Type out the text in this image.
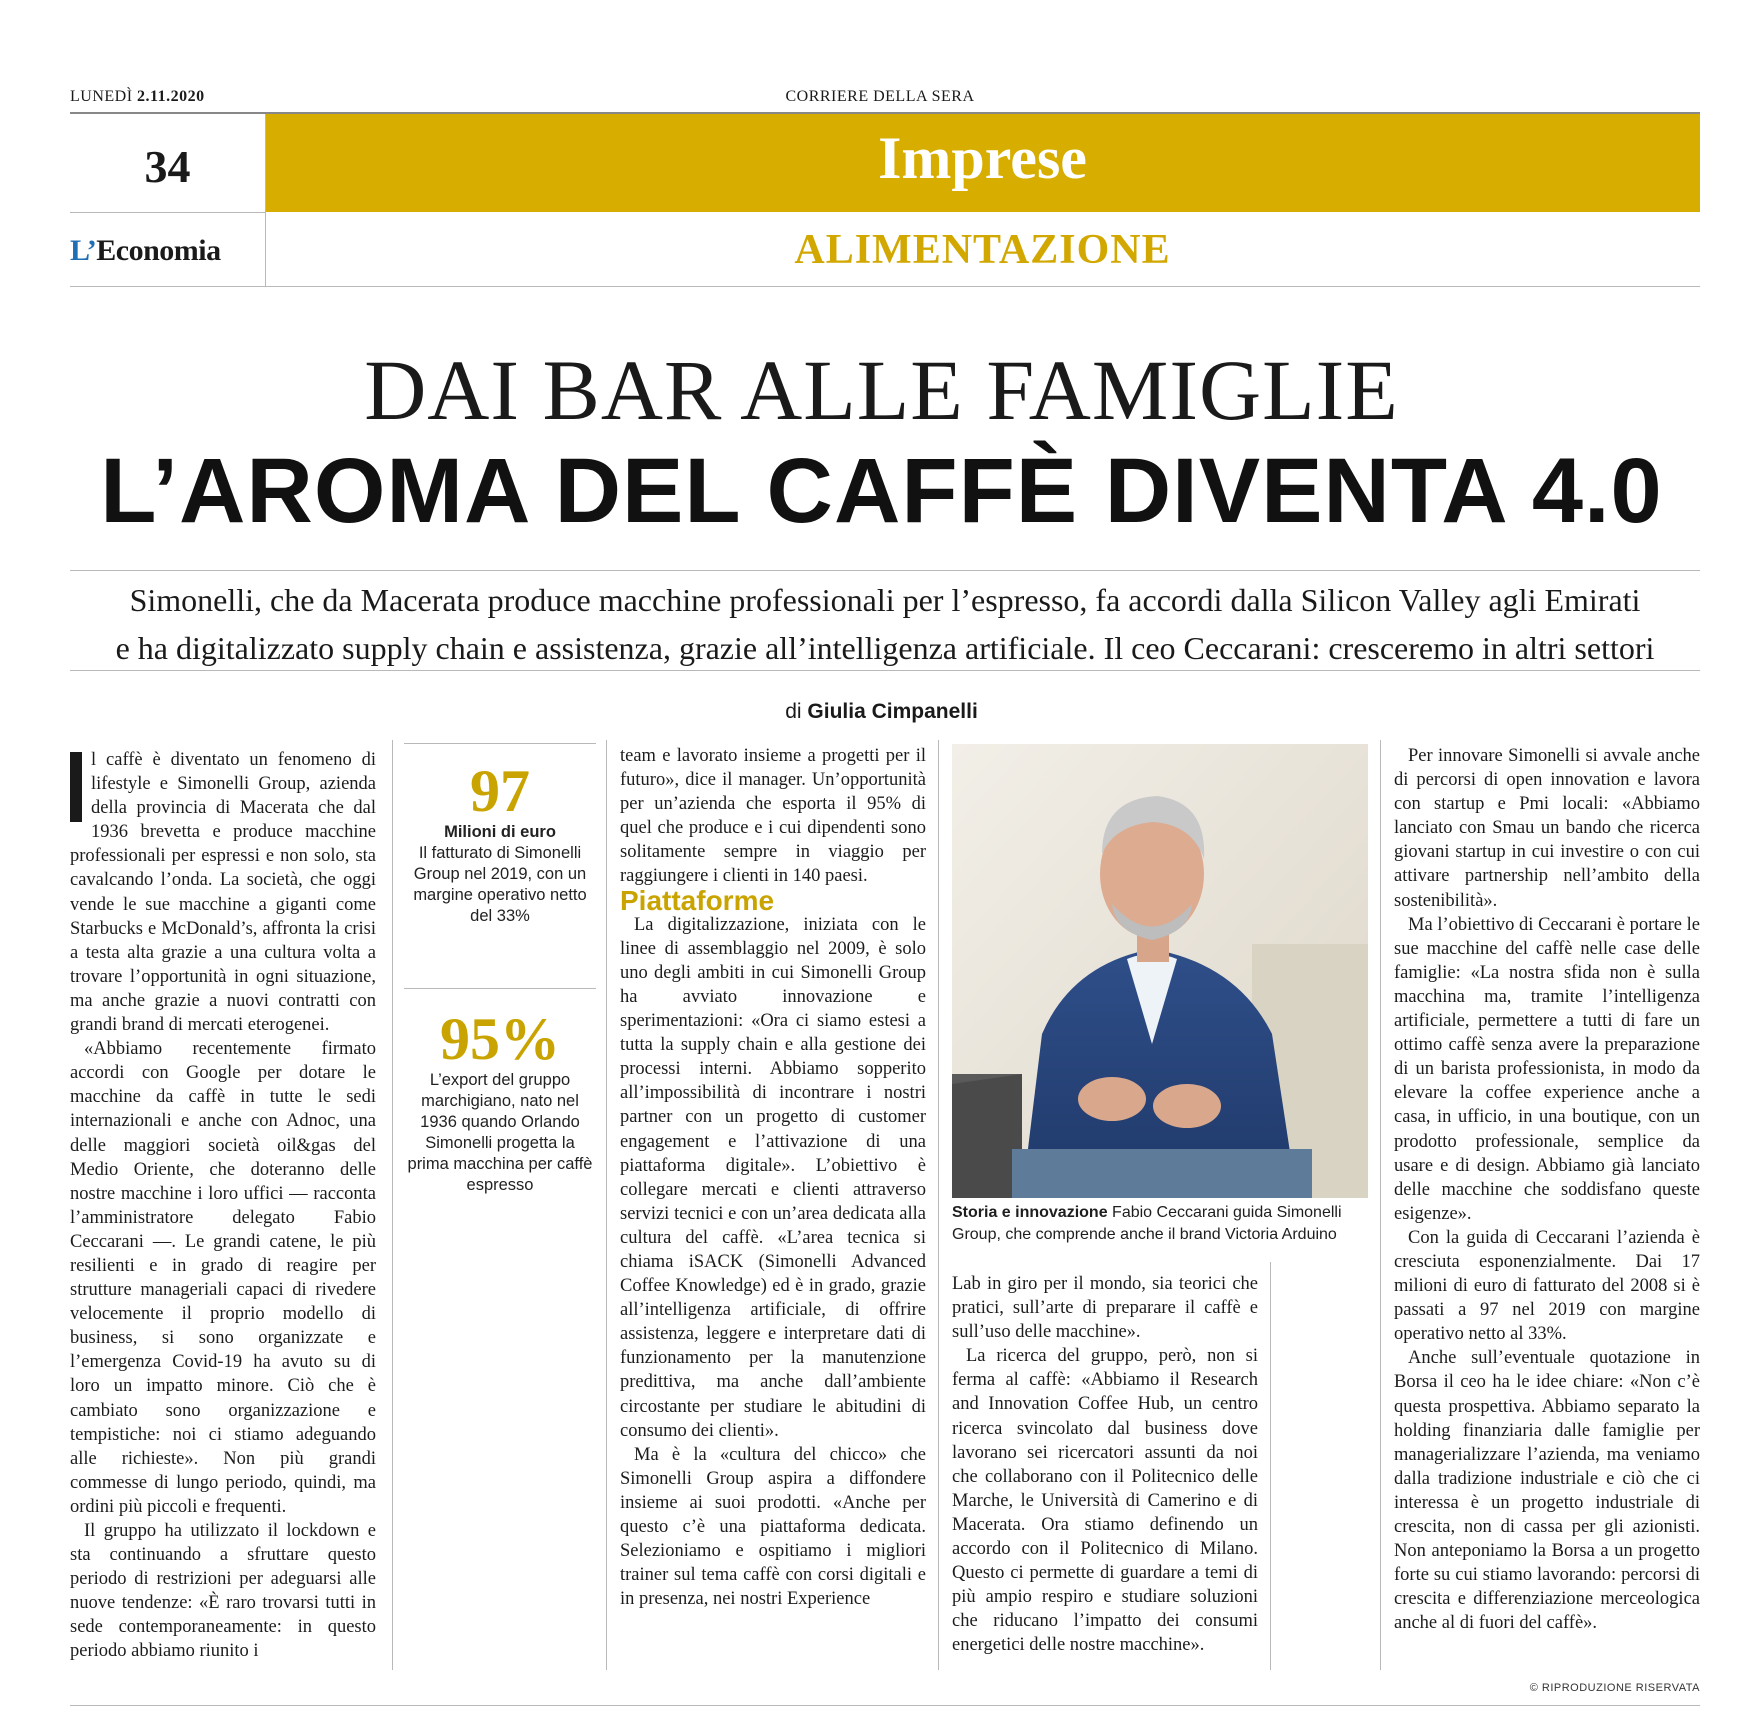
LUNEDÌ 2.11.2020	CORRIERE DELLA SERA
34	Imprese
L’Economia	ALIMENTAZIONE
DAI BAR ALLE FAMIGLIE
L’AROMA DEL CAFFÈ DIVENTA 4.0
Simonelli, che da Macerata produce macchine professionali per l’espresso, fa accordi dalla Silicon Valley agli Emirati
e ha digitalizzato supply chain e assistenza, grazie all’intelligenza artificiale. Il ceo Ceccarani: cresceremo in altri settori
di Giulia Cimpanelli

l caffè è diventato un fenomeno di lifestyle e Simonelli Group, azienda della provincia di Macerata che dal 1936 brevetta e produce macchine professionali per espressi e non solo, sta cavalcando l’onda. La società, che oggi vende le sue macchine a giganti come Starbucks e McDonald’s, affronta la crisi a testa alta grazie a una cultura volta a trovare l’opportunità in ogni situazione, ma anche grazie a nuovi contratti con grandi brand di mercati eterogenei.

«Abbiamo recentemente firmato accordi con Google per dotare le macchine da caffè in tutte le sedi internazionali e anche con Adnoc, una delle maggiori società oil&gas del Medio Oriente, che doteranno delle nostre macchine i loro uffici — racconta l’amministratore delegato Fabio Ceccarani —. Le grandi catene, le più resilienti e in grado di reagire per strutture manageriali capaci di rivedere velocemente il proprio modello di business, si sono organizzate e l’emergenza Covid-19 ha avuto su di loro un impatto minore. Ciò che è cambiato sono organizzazione e tempistiche: noi ci stiamo adeguando alle richieste». Non più grandi commesse di lungo periodo, quindi, ma ordini più piccoli e frequenti.

Il gruppo ha utilizzato il lockdown e sta continuando a sfruttare questo periodo di restrizioni per adeguarsi alle nuove tendenze: «È raro trovarsi tutti in sede contemporaneamente: in questo periodo abbiamo riunito i

97
Milioni di euro
Il fatturato di Simonelli Group nel 2019, con un margine operativo netto del 33%
95%
L’export del gruppo marchigiano, nato nel 1936 quando Orlando Simonelli progetta la prima macchina per caffè espresso

team e lavorato insieme a progetti per il futuro», dice il manager. Un’opportunità per un’azienda che esporta il 95% di quel che produce e i cui dipendenti sono solitamente sempre in viaggio per raggiungere i clienti in 140 paesi.

Piattaforme

La digitalizzazione, iniziata con le linee di assemblaggio nel 2009, è solo uno degli ambiti in cui Simonelli Group ha avviato innovazione e sperimentazioni: «Ora ci siamo estesi a tutta la supply chain e alla gestione dei processi interni. Abbiamo sopperito all’impossibilità di incontrare i nostri partner con un progetto di customer engagement e l’attivazione di una piattaforma digitale». L’obiettivo è collegare mercati e clienti attraverso servizi tecnici e con un’area dedicata alla cultura del caffè. «L’area tecnica si chiama iSACK (Simonelli Advanced Coffee Knowledge) ed è in grado, grazie all’intelligenza artificiale, di offrire assistenza, leggere e interpretare dati di funzionamento per la manutenzione predittiva, ma anche dall’ambiente circostante per studiare le abitudini di consumo dei clienti».

Ma è la «cultura del chicco» che Simonelli Group aspira a diffondere insieme ai suoi prodotti. «Anche per questo c’è una piattaforma dedicata. Selezioniamo e ospitiamo i migliori trainer sul tema caffè con corsi digitali e in presenza, nei nostri Experience

Storia e innovazione Fabio Ceccarani guida Simonelli Group, che comprende anche il brand Victoria Arduino

Lab in giro per il mondo, sia teorici che pratici, sull’arte di preparare il caffè e sull’uso delle macchine».

La ricerca del gruppo, però, non si ferma al caffè: «Abbiamo il Research and Innovation Coffee Hub, un centro ricerca svincolato dal business dove lavorano sei ricercatori assunti da noi che collaborano con il Politecnico delle Marche, le Università di Camerino e di Macerata. Ora stiamo definendo un accordo con il Politecnico di Milano. Questo ci permette di guardare a temi di più ampio respiro e studiare soluzioni che riducano l’impatto dei consumi energetici delle nostre macchine».

Per innovare Simonelli si avvale anche di percorsi di open innovation e lavora con startup e Pmi locali: «Abbiamo lanciato con Smau un bando che ricerca giovani startup in cui investire o con cui attivare partnership nell’ambito della sostenibilità».

Ma l’obiettivo di Ceccarani è portare le sue macchine del caffè nelle case delle famiglie: «La nostra sfida non è sulla macchina ma, tramite l’intelligenza artificiale, permettere a tutti di fare un ottimo caffè senza avere la preparazione di un barista professionista, in modo da elevare la coffee experience anche a casa, in ufficio, in una boutique, con un prodotto professionale, semplice da usare e di design. Abbiamo già lanciato delle macchine che soddisfano queste esigenze».

Con la guida di Ceccarani l’azienda è cresciuta esponenzialmente. Dai 17 milioni di euro di fatturato del 2008 si è passati a 97 nel 2019 con margine operativo netto al 33%.

Anche sull’eventuale quotazione in Borsa il ceo ha le idee chiare: «Non c’è questa prospettiva. Abbiamo separato la holding finanziaria dalle famiglie per managerializzare l’azienda, ma veniamo dalla tradizione industriale e ciò che ci interessa è un progetto industriale di crescita, non di cassa per gli azionisti. Non anteponiamo la Borsa a un progetto forte su cui stiamo lavorando: percorsi di crescita e differenziazione merceologica anche al di fuori del caffè».

© RIPRODUZIONE RISERVATA
